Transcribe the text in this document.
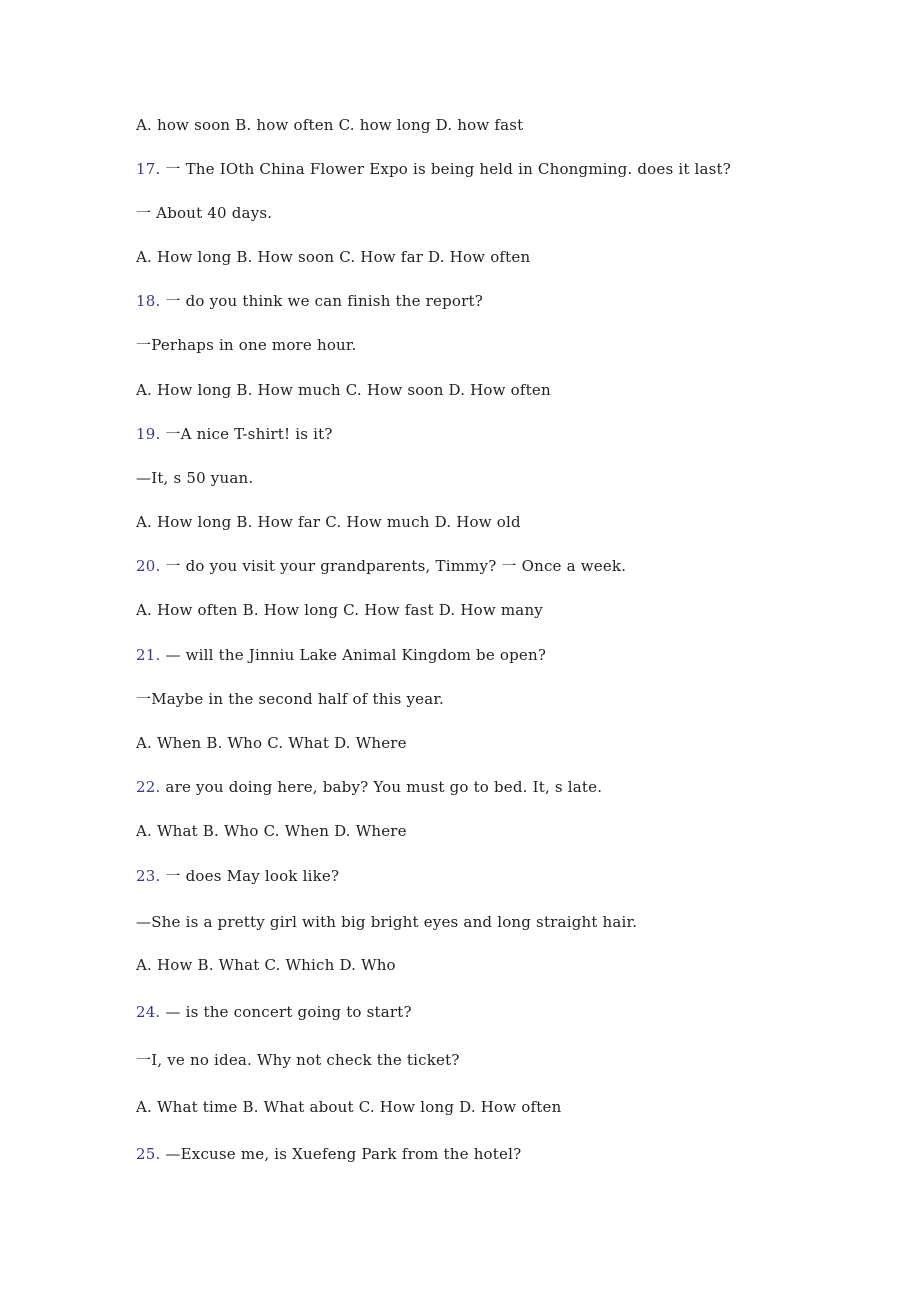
A. how soon B. how often C. how long D. how fast
17. 一 The IOth China Flower Expo is being held in Chongming. does it last?
一 About 40 days.
A. How long B. How soon C. How far D. How often
18. 一 do you think we can finish the report?
一Perhaps in one more hour.
A. How long B. How much C. How soon D. How often
19. 一A nice T-shirt! is it?
—It, s 50 yuan.
A. How long B. How far C. How much D. How old
20. 一 do you visit your grandparents, Timmy? 一 Once a week.
A. How often B. How long C. How fast D. How many
21. — will the Jinniu Lake Animal Kingdom be open?
一Maybe in the second half of this year.
A. When B. Who C. What D. Where
22. are you doing here, baby? You must go to bed. It, s late.
A. What B. Who C. When D. Where
23. 一 does May look like?
—She is a pretty girl with big bright eyes and long straight hair.
A. How B. What C. Which D. Who
24. — is the concert going to start?
一I, ve no idea. Why not check the ticket?
A. What time B. What about C. How long D. How often
25. —Excuse me, is Xuefeng Park from the hotel?
